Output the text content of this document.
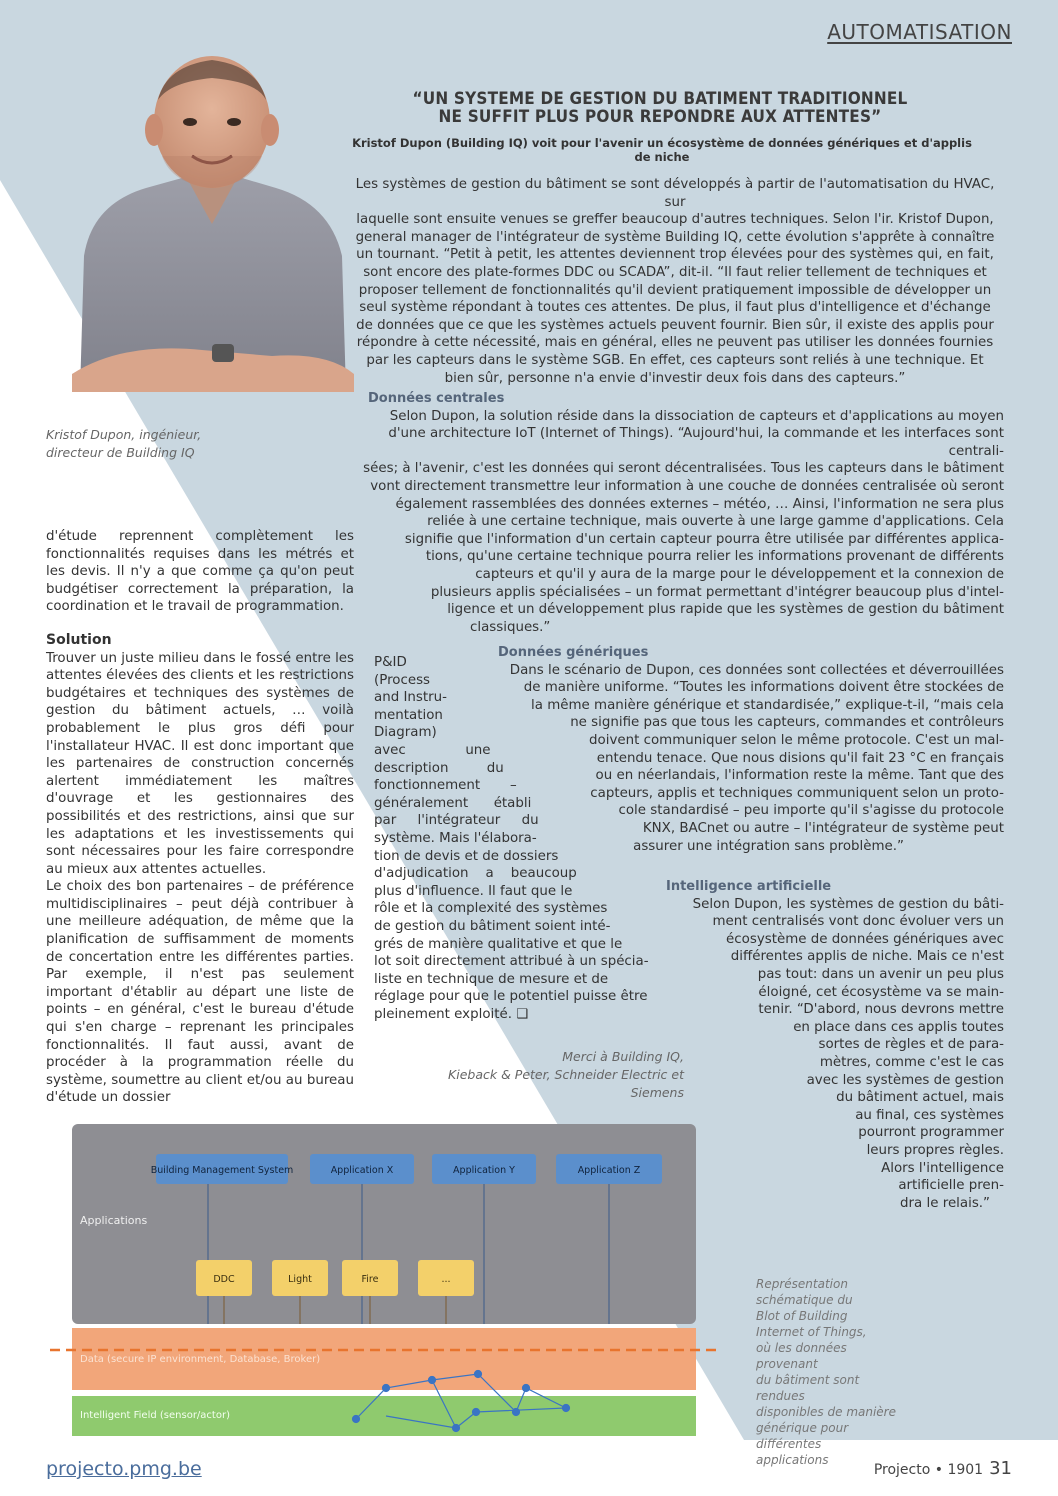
AUTOMATISATION
Kristof Dupon, ingénieur,
directeur de Building IQ
“UN SYSTEME DE GESTION DU BATIMENT TRADITIONNEL
NE SUFFIT PLUS POUR REPONDRE AUX ATTENTES”
Kristof Dupon (Building IQ) voit pour l'avenir un écosystème de données génériques et d'applis de niche
Les systèmes de gestion du bâtiment se sont développés à partir de l'automatisation du HVAC, sur
laquelle sont ensuite venues se greffer beaucoup d'autres techniques. Selon l'ir. Kristof Dupon,
general manager de l'intégrateur de système Building IQ, cette évolution s'apprête à connaître
un tournant. “Petit à petit, les attentes deviennent trop élevées pour des systèmes qui, en fait,
sont encore des plate-formes DDC ou SCADA”, dit-il. “Il faut relier tellement de techniques et
proposer tellement de fonctionnalités qu'il devient pratiquement impossible de développer un
seul système répondant à toutes ces attentes. De plus, il faut plus d'intelligence et d'échange
de données que ce que les systèmes actuels peuvent fournir. Bien sûr, il existe des applis pour
répondre à cette nécessité, mais en général, elles ne peuvent pas utiliser les données fournies
par les capteurs dans le système SGB. En effet, ces capteurs sont reliés à une technique. Et
bien sûr, personne n'a envie d'investir deux fois dans des capteurs.”
Données centrales
Selon Dupon, la solution réside dans la dissociation de capteurs et d'applications au moyen
d'une architecture IoT (Internet of Things). “Aujourd'hui, la commande et les interfaces sont centrali-
sées; à l'avenir, c'est les données qui seront décentralisées. Tous les capteurs dans le bâtiment
vont directement transmettre leur information à une couche de données centralisée où seront
également rassemblées des données externes – météo, … Ainsi, l'information ne sera plus
reliée à une certaine technique, mais ouverte à une large gamme d'applications. Cela
signifie que l'information d'un certain capteur pourra être utilisée par différentes applica-
tions, qu'une certaine technique pourra relier les informations provenant de différents
capteurs et qu'il y aura de la marge pour le développement et la connexion de
plusieurs applis spécialisées – un format permettant d'intégrer beaucoup plus d'intel-
ligence et un développement plus rapide que les systèmes de gestion du bâtiment
classiques.”
Données génériques
Dans le scénario de Dupon, ces données sont collectées et déverrouillées
de manière uniforme. “Toutes les informations doivent être stockées de
la même manière générique et standardisée,” explique-t-il, “mais cela
ne signifie pas que tous les capteurs, commandes et contrôleurs
doivent communiquer selon le même protocole. C'est un mal-
entendu tenace. Que nous disions qu'il fait 23 °C en français
ou en néerlandais, l'information reste la même. Tant que des
capteurs, applis et techniques communiquent selon un proto-
cole standardisé – peu importe qu'il s'agisse du protocole
KNX, BACnet ou autre – l'intégrateur de système peut
assurer une intégration sans problème.”
Intelligence artificielle
Selon Dupon, les systèmes de gestion du bâti-
ment centralisés vont donc évoluer vers un
écosystème de données génériques avec
différentes applis de niche. Mais ce n'est
pas tout: dans un avenir un peu plus
éloigné, cet écosystème va se main-
tenir. “D'abord, nous devrons mettre
en place dans ces applis toutes
sortes de règles et de para-
mètres, comme c'est le cas
avec les systèmes de gestion
du bâtiment actuel, mais
au final, ces systèmes
pourront programmer
leurs propres règles.
Alors l'intelligence
artificielle pren-
dra le relais.”

d'étude reprennent complètement les fonctionnalités requises dans les métrés et les devis. Il n'y a que comme ça qu'on peut budgétiser correctement la préparation, la coordination et le travail de programmation.

Solution

Trouver un juste milieu dans le fossé entre les attentes élevées des clients et les restrictions budgétaires et techniques des systèmes de gestion du bâtiment actuels, … voilà probablement le plus gros défi pour l'installateur HVAC. Il est donc important que les partenaires de construction concernés alertent immédiatement les maîtres d'ouvrage et les gestionnaires des possibilités et des restrictions, ainsi que sur les adaptations et les investissements qui sont nécessaires pour les faire correspondre au mieux aux attentes actuelles.

Le choix des bon partenaires – de préférence multidisciplinaires – peut déjà contribuer à une meilleure adéquation, de même que la planification de suffisamment de moments de concertation entre les différentes parties. Par exemple, il n'est pas seulement important d'établir au départ une liste de points – en général, c'est le bureau d'étude qui s'en charge – reprenant les principales fonctionnalités. Il faut aussi, avant de procéder à la programmation réelle du système, soumettre au client et/ou au bureau d'étude un dossier

P&ID
(Process
and Instru-
mentation
Diagram)
avec              une
description         du
fonctionnement       –
généralement      établi
par     l'intégrateur     du
système. Mais l'élabora-
tion de devis et de dossiers
d'adjudication    a    beaucoup
plus d'influence. Il faut que le
rôle et la complexité des systèmes
de gestion du bâtiment soient inté-
grés de manière qualitative et que le
lot soit directement attribué à un spécia-
liste en technique de mesure et de
réglage pour que le potentiel puisse être
pleinement exploité. ❑
Merci à Building IQ,
Kieback & Peter, Schneider Electric et Siemens
Applications
Building Management System	Application X	Application Y	Application Z
DDC	Light	Fire	...
Data (secure IP environment, Database, Broker)
Intelligent Field (sensor/actor)
Représentation
schématique du
Blot of Building
Internet of Things,
où les données provenant
du bâtiment sont rendues
disponibles de manière
générique pour différentes
applications
projecto.pmg.be	Projecto • 1901 31
